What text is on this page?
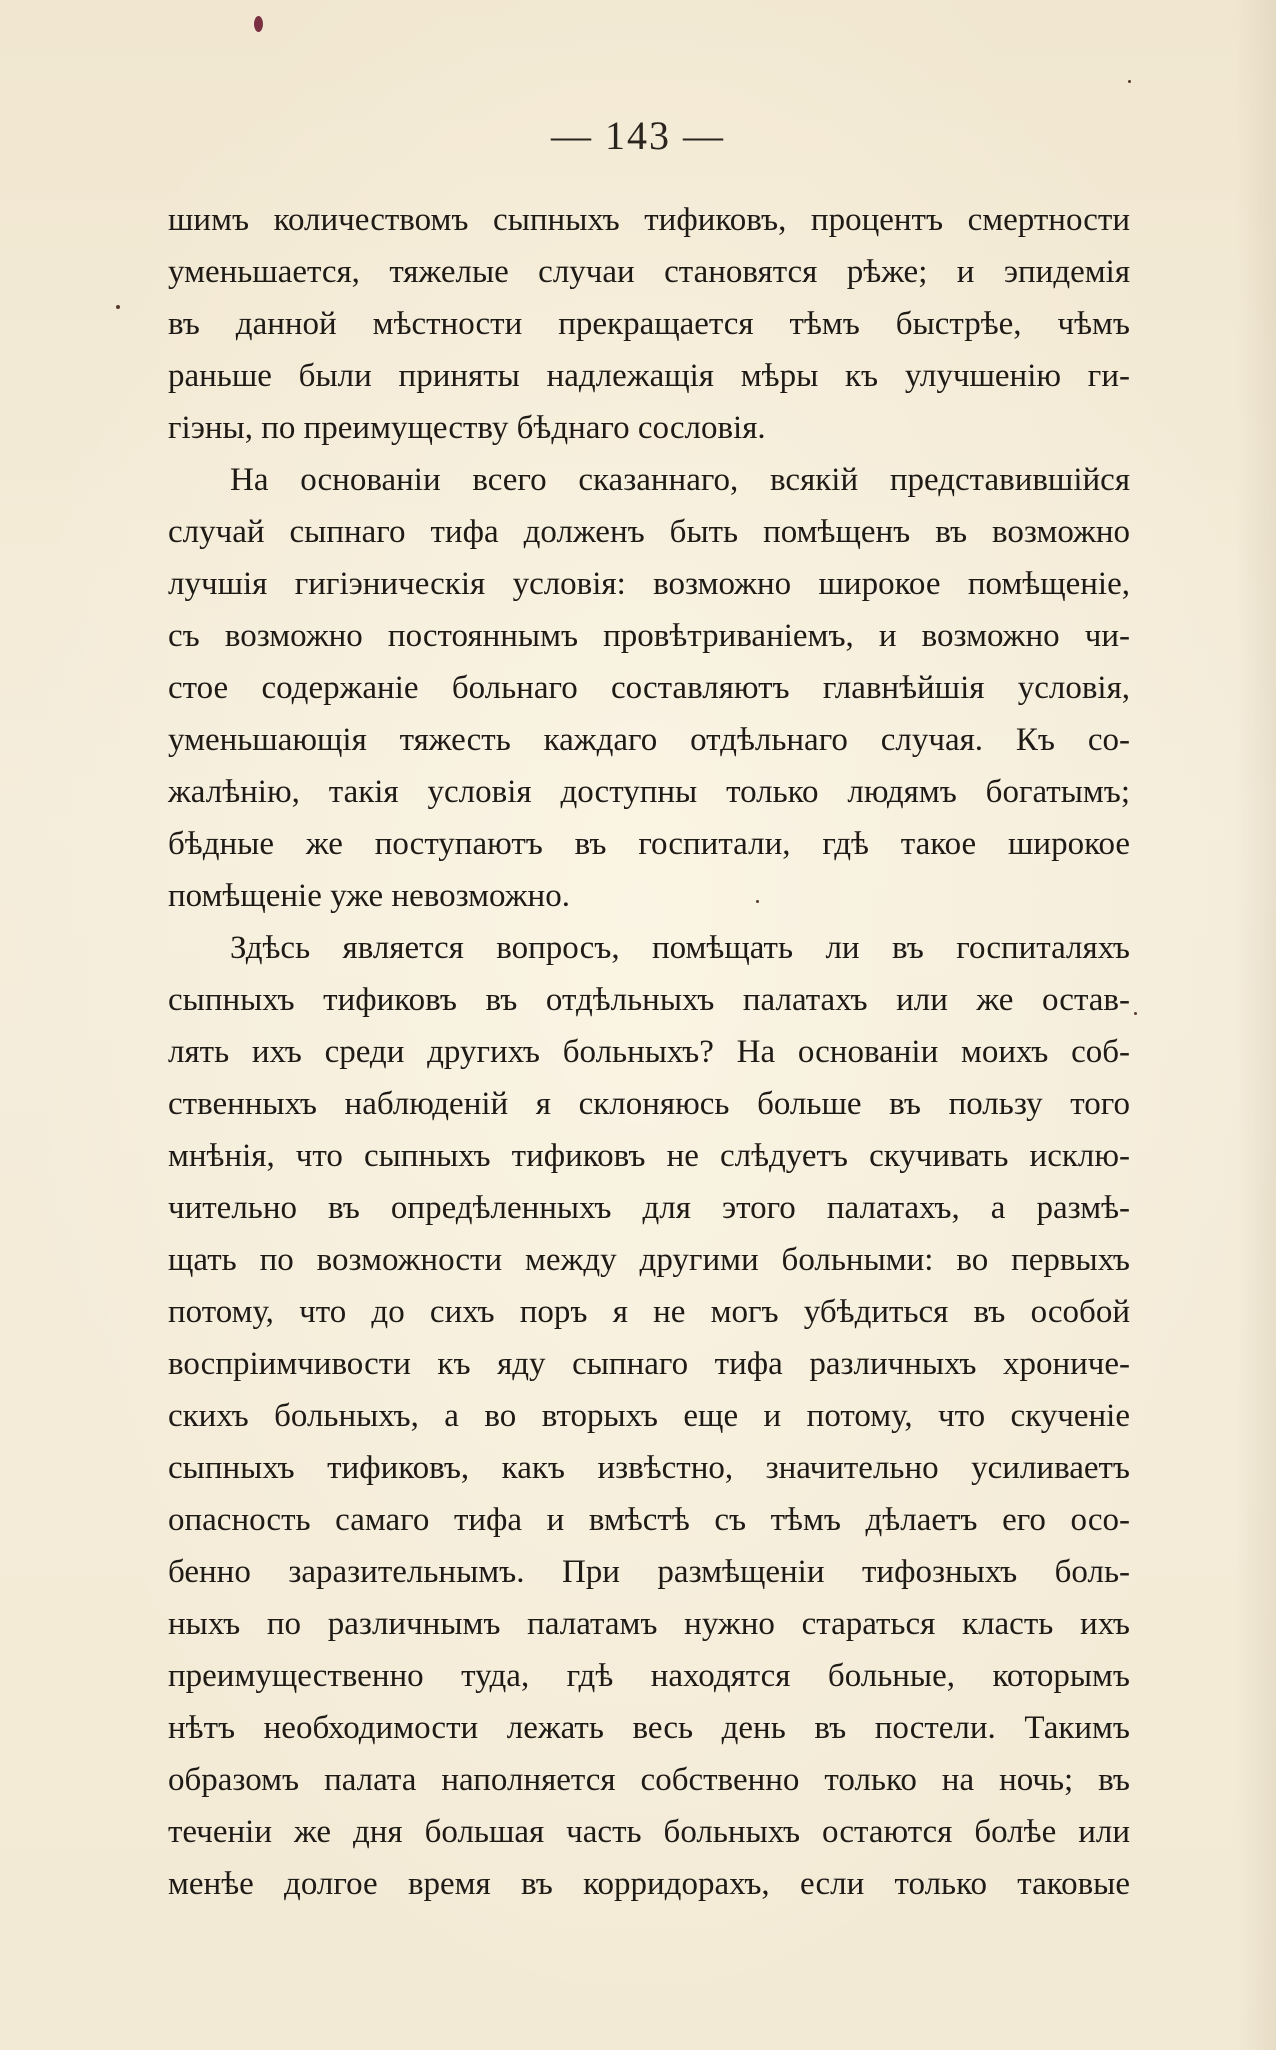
— 143 —
шимъ количествомъ сыпныхъ тификовъ, процентъ смертности
уменьшается, тяжелые случаи становятся рѣже; и эпидемія
въ данной мѣстности прекращается тѣмъ быстрѣе, чѣмъ
раньше были приняты надлежащія мѣры къ улучшенію ги-
гіэны, по преимуществу бѣднаго сословія.
На основаніи всего сказаннаго, всякій представившійся
случай сыпнаго тифа долженъ быть помѣщенъ въ возможно
лучшія гигіэническія условія: возможно широкое помѣщеніе,
съ возможно постояннымъ провѣтриваніемъ, и возможно чи-
стое содержаніе больнаго составляютъ главнѣйшія условія,
уменьшающія тяжесть каждаго отдѣльнаго случая. Къ со-
жалѣнію, такія условія доступны только людямъ богатымъ;
бѣдные же поступаютъ въ госпитали, гдѣ такое широкое
помѣщеніе уже невозможно.
Здѣсь является вопросъ, помѣщать ли въ госпиталяхъ
сыпныхъ тификовъ въ отдѣльныхъ палатахъ или же остав-
лять ихъ среди другихъ больныхъ? На основаніи моихъ соб-
ственныхъ наблюденій я склоняюсь больше въ пользу того
мнѣнія, что сыпныхъ тификовъ не слѣдуетъ скучивать исклю-
чительно въ опредѣленныхъ для этого палатахъ, а размѣ-
щать по возможности между другими больными: во первыхъ
потому, что до сихъ поръ я не могъ убѣдиться въ особой
воспріимчивости къ яду сыпнаго тифа различныхъ хрониче-
скихъ больныхъ, а во вторыхъ еще и потому, что скученіе
сыпныхъ тификовъ, какъ извѣстно, значительно усиливаетъ
опасность самаго тифа и вмѣстѣ съ тѣмъ дѣлаетъ его осо-
бенно заразительнымъ. При размѣщеніи тифозныхъ боль-
ныхъ по различнымъ палатамъ нужно стараться класть ихъ
преимущественно туда, гдѣ находятся больные, которымъ
нѣтъ необходимости лежать весь день въ постели. Такимъ
образомъ палата наполняется собственно только на ночь; въ
теченіи же дня большая часть больныхъ остаются болѣе или
менѣе долгое время въ корридорахъ, если только таковые
